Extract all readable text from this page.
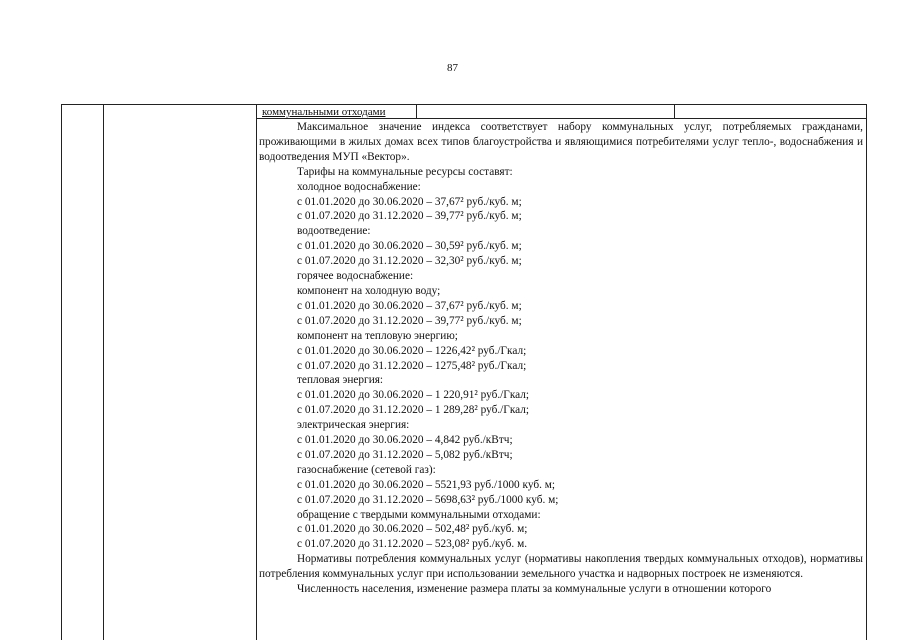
87
коммунальными отходами

Максимальное значение индекса соответствует набору коммунальных услуг, потребляемых гражданами, проживающими в жилых домах всех типов благоустройства и являющимися потребителями услуг тепло-, водоснабжения и водоотведения МУП «Вектор».

Тарифы на коммунальные ресурсы составят:
холодное водоснабжение:
с 01.01.2020 до 30.06.2020 – 37,67² руб./куб. м;
с 01.07.2020 до 31.12.2020 – 39,77² руб./куб. м;
водоотведение:
с 01.01.2020 до 30.06.2020 – 30,59² руб./куб. м;
с 01.07.2020 до 31.12.2020 – 32,30² руб./куб. м;
горячее водоснабжение:
компонент на холодную воду;
с 01.01.2020 до 30.06.2020 – 37,67² руб./куб. м;
с 01.07.2020 до 31.12.2020 – 39,77² руб./куб. м;
компонент на тепловую энергию;
с 01.01.2020 до 30.06.2020 – 1226,42² руб./Гкал;
с 01.07.2020 до 31.12.2020 – 1275,48² руб./Гкал;
тепловая энергия:
с 01.01.2020 до 30.06.2020 – 1 220,91² руб./Гкал;
с 01.07.2020 до 31.12.2020 – 1 289,28² руб./Гкал;
электрическая энергия:
с 01.01.2020 до 30.06.2020 – 4,842 руб./кВтч;
с 01.07.2020 до 31.12.2020 – 5,082 руб./кВтч;
газоснабжение (сетевой газ):
с 01.01.2020 до 30.06.2020 – 5521,93 руб./1000 куб. м;
с 01.07.2020 до 31.12.2020 – 5698,63² руб./1000 куб. м;
обращение с твердыми коммунальными отходами:
с 01.01.2020 до 30.06.2020 – 502,48² руб./куб. м;
с 01.07.2020 до 31.12.2020 – 523,08² руб./куб. м.

Нормативы потребления коммунальных услуг (нормативы накопления твердых коммунальных отходов), нормативы потребления коммунальных услуг при использовании земельного участка и надворных построек не изменяются.

Численность населения, изменение размера платы за коммунальные услуги в отношении которого
